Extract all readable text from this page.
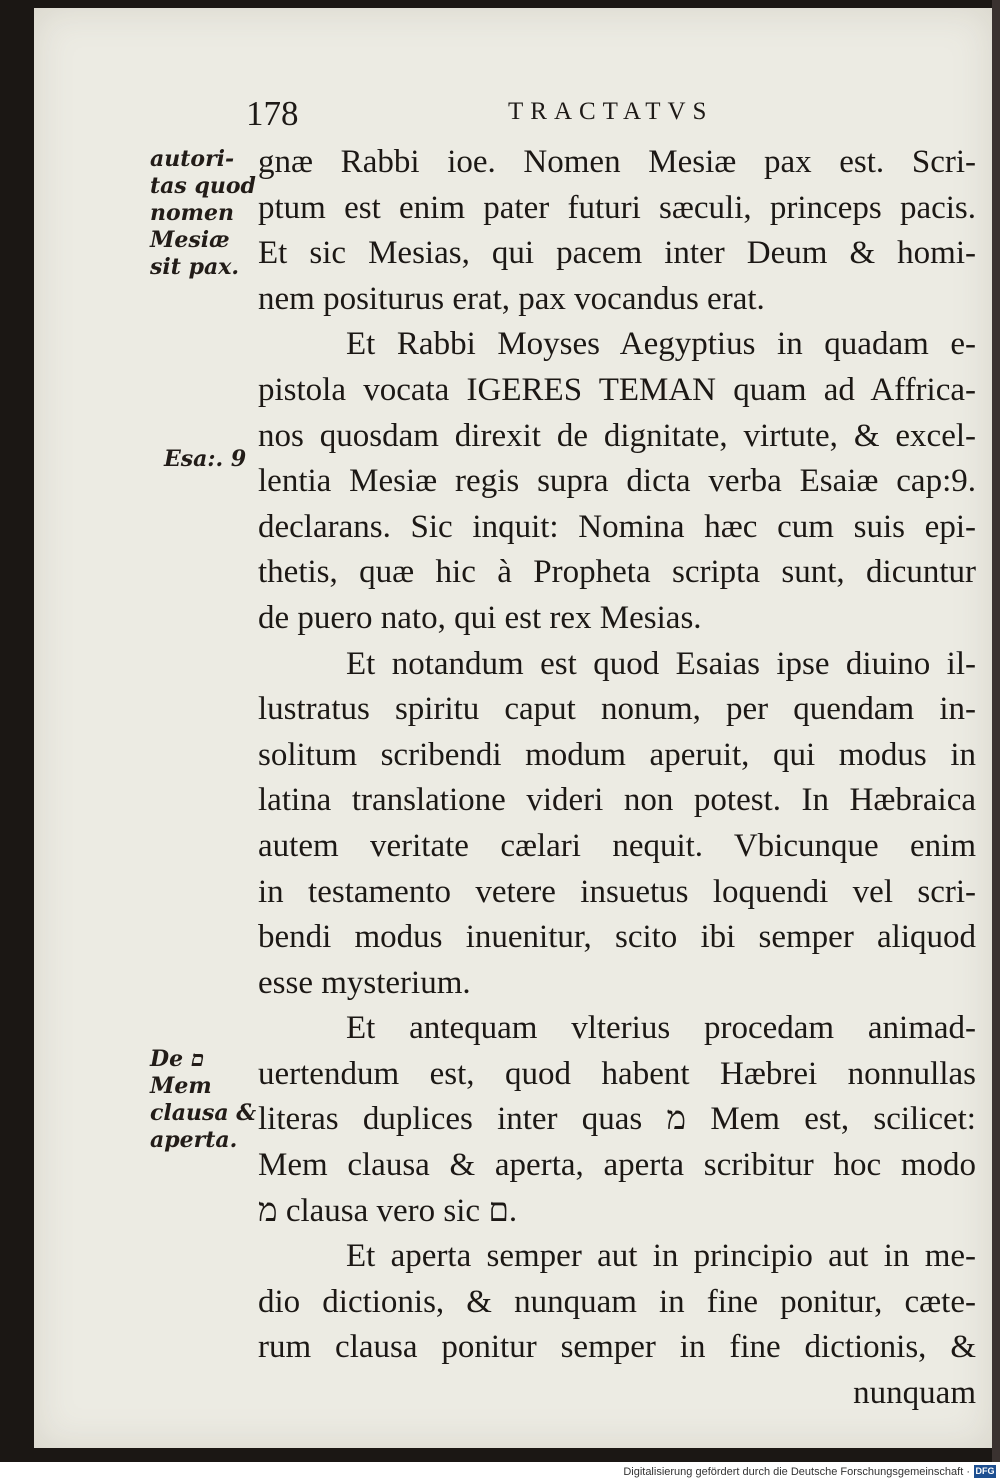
178	TRACTATVS
autori-
tas quod
nomen
Mesiæ
sit pax.
Esa:. 9
De ם
Mem
clausa &
aperta.
gnæ Rabbi ioe. Nomen Mesiæ pax est. Scri-
ptum est enim pater futuri sæculi, princeps pacis.
Et sic Mesias, qui pacem inter Deum & homi-
nem positurus erat, pax vocandus erat.
Et Rabbi Moyses Aegyptius in quadam e-
pistola vocata IGERES TEMAN quam ad Affrica-
nos quosdam direxit de dignitate, virtute, & excel-
lentia Mesiæ regis supra dicta verba Esaiæ cap:9.
declarans. Sic inquit: Nomina hæc cum suis epi-
thetis, quæ hic à Propheta scripta sunt, dicuntur
de puero nato, qui est rex Mesias.
Et notandum est quod Esaias ipse diuino il-
lustratus spiritu caput nonum, per quendam in-
solitum scribendi modum aperuit, qui modus in
latina translatione videri non potest. In Hæbraica
autem veritate cælari nequit. Vbicunque enim
in testamento vetere insuetus loquendi vel scri-
bendi modus inuenitur, scito ibi semper aliquod
esse mysterium.
Et antequam vlterius procedam animad-
uertendum est, quod habent Hæbrei nonnullas
literas duplices inter quas מ Mem est, scilicet:
Mem clausa & aperta, aperta scribitur hoc modo
מ clausa vero sic ם.
Et aperta semper aut in principio aut in me-
dio dictionis, & nunquam in fine ponitur, cæte-
rum clausa ponitur semper in fine dictionis, &
nunquam
Digitalisierung gefördert durch die Deutsche Forschungsgemeinschaft · DFG
